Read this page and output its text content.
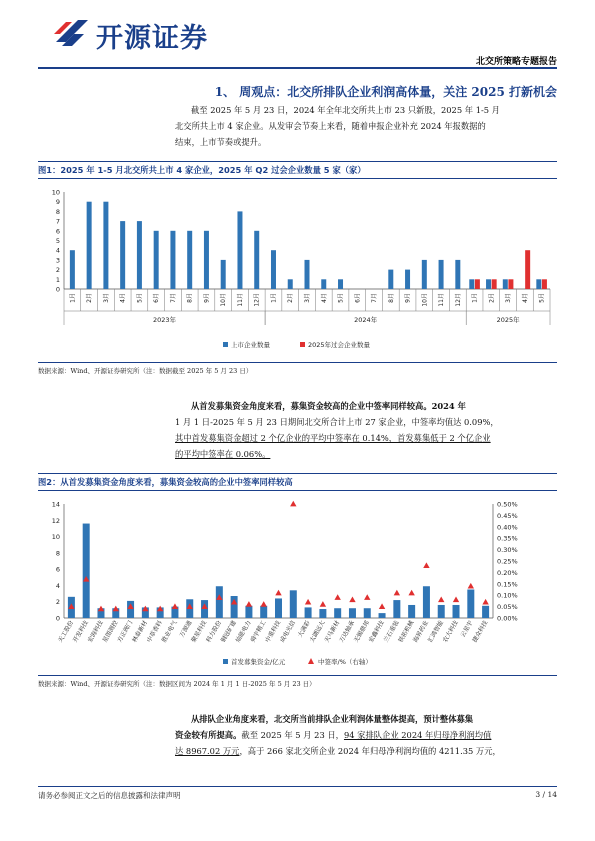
开源证券
北交所策略专题报告
1、 周观点：北交所排队企业利润高体量，关注 2025 打新机会
截至 2025 年 5 月 23 日，2024 年全年北交所共上市 23 只新股，2025 年 1-5 月
北交所共上市 4 家企业。从发审会节奏上来看，随着申报企业补充 2024 年报数据的
结束，上市节奏或提升。
图1：2025 年 1-5 月北交所共上市 4 家企业，2025 年 Q2 过会企业数量 5 家（家）
0
1
2
3
4
5
6
7
8
9
10
1月 2月 3月 4月 5月 6月 7月 8月 9月 10月 11月 12月 1月 2月 3月 4月 5月 6月 7月 8月 9月 10月 11月 12月 1月 2月 3月 4月 5月
2023年	2024年	2025年
上市企业数量	2025年过会企业数量
数据来源：Wind、开源证券研究所（注：数据截至 2025 年 5 月 23 日）
从首发募集资金角度来看，募集资金较高的企业中签率同样较高。2024 年
1 月 1 日-2025 年 5 月 23 日期间北交所合计上市 27 家企业，中签率均值达 0.09%，
其中首发募集资金超过 2 个亿企业的平均中签率在 0.14%，首发募集低于 2 个亿企业
的平均中签率在 0.06%。
图2：从首发募集资金角度来看，募集资金较高的企业中签率同样较高
0
2
4
6
8
10
12
14
0.00%
0.05%
0.10%
0.15%
0.20%
0.25%
0.30%
0.35%
0.40%
0.45%
0.50%
天工股份
开发科技
宏海科技
星图测控
方正阀门
林泰新材
中草香料
胜业电气 万源通
聚星科技
科力股份
铜冠矿建
灿能电力
舜宇精工
中重科技
成电光信 大满彩
太湖远大
天马新材
万达轴承
无锡鼎邦
宏鑫科技
兰石重装
铁拓机械
海昇药业
汇鸿智能
农大科技 云星宇
捷众科技
首发募集资金/亿元	中签率/%（右轴）
数据来源：Wind、开源证券研究所（注：数据区间为 2024 年 1 月 1 日-2025 年 5 月 23 日）
从排队企业角度来看，北交所当前排队企业利润体量整体提高，预计整体募集
资金较有所提高。截至 2025 年 5 月 23 日，94 家排队企业 2024 年归母净利润均值
达 8967.02 万元，高于 266 家北交所企业 2024 年归母净利润均值的 4211.35 万元，
请务必参阅正文之后的信息披露和法律声明	3 / 14
